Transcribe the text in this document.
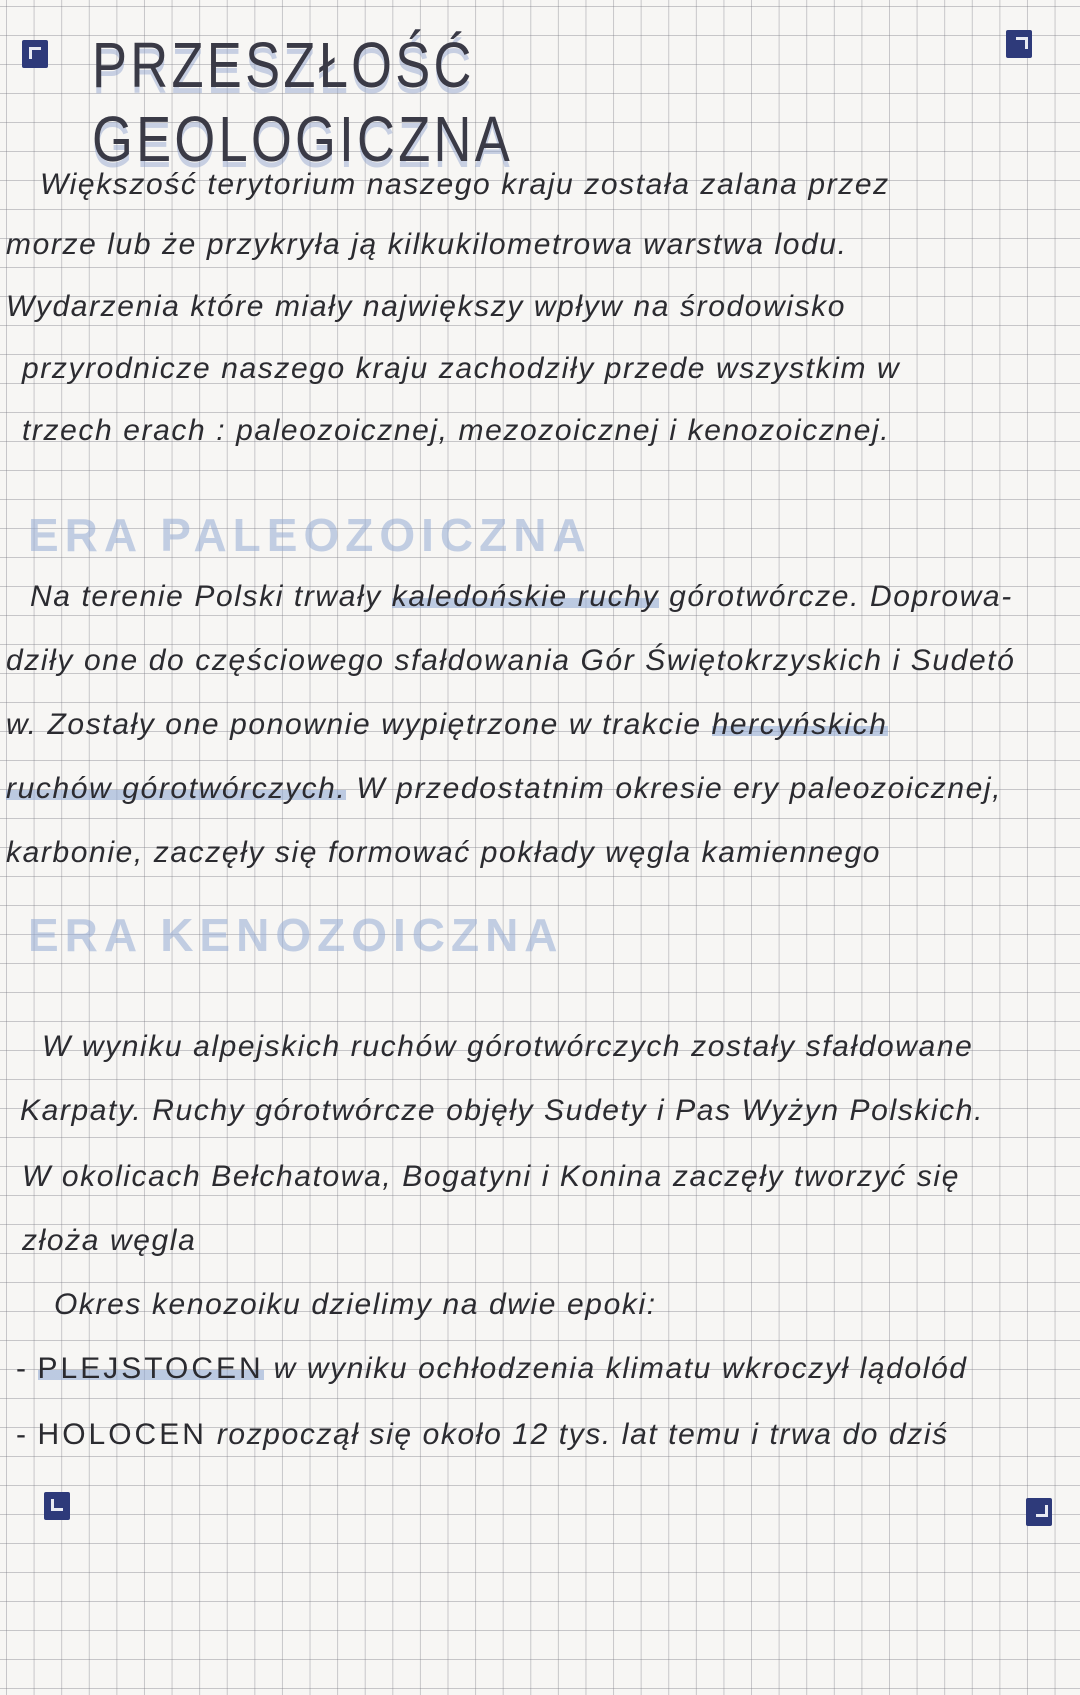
PRZESZŁOŚĆ GEOLOGICZNA
Większość terytorium naszego kraju została zalana przez
morze lub że przykryła ją kilkukilometrowa warstwa lodu.
Wydarzenia które miały największy wpływ na środowisko
przyrodnicze naszego kraju zachodziły przede wszystkim w
trzech erach : paleozoicznej, mezozoicznej i kenozoicznej.
ERA PALEOZOICZNA
Na terenie Polski trwały kaledońskie ruchy górotwórcze. Doprowa-
dziły one do częściowego sfałdowania Gór Świętokrzyskich i Sudetó
w. Zostały one ponownie wypiętrzone w trakcie hercyńskich
ruchów górotwórczych. W przedostatnim okresie ery paleozoicznej,
karbonie, zaczęły się formować pokłady węgla kamiennego
ERA KENOZOICZNA
W wyniku alpejskich ruchów górotwórczych zostały sfałdowane
Karpaty. Ruchy górotwórcze objęły Sudety i Pas Wyżyn Polskich.
W okolicach Bełchatowa, Bogatyni i Konina zaczęły tworzyć się
złoża węgla
Okres kenozoiku dzielimy na dwie epoki:
- PLEJSTOCEN w wyniku ochłodzenia klimatu wkroczył lądolód
- HOLOCEN rozpoczął się około 12 tys. lat temu i trwa do dziś
